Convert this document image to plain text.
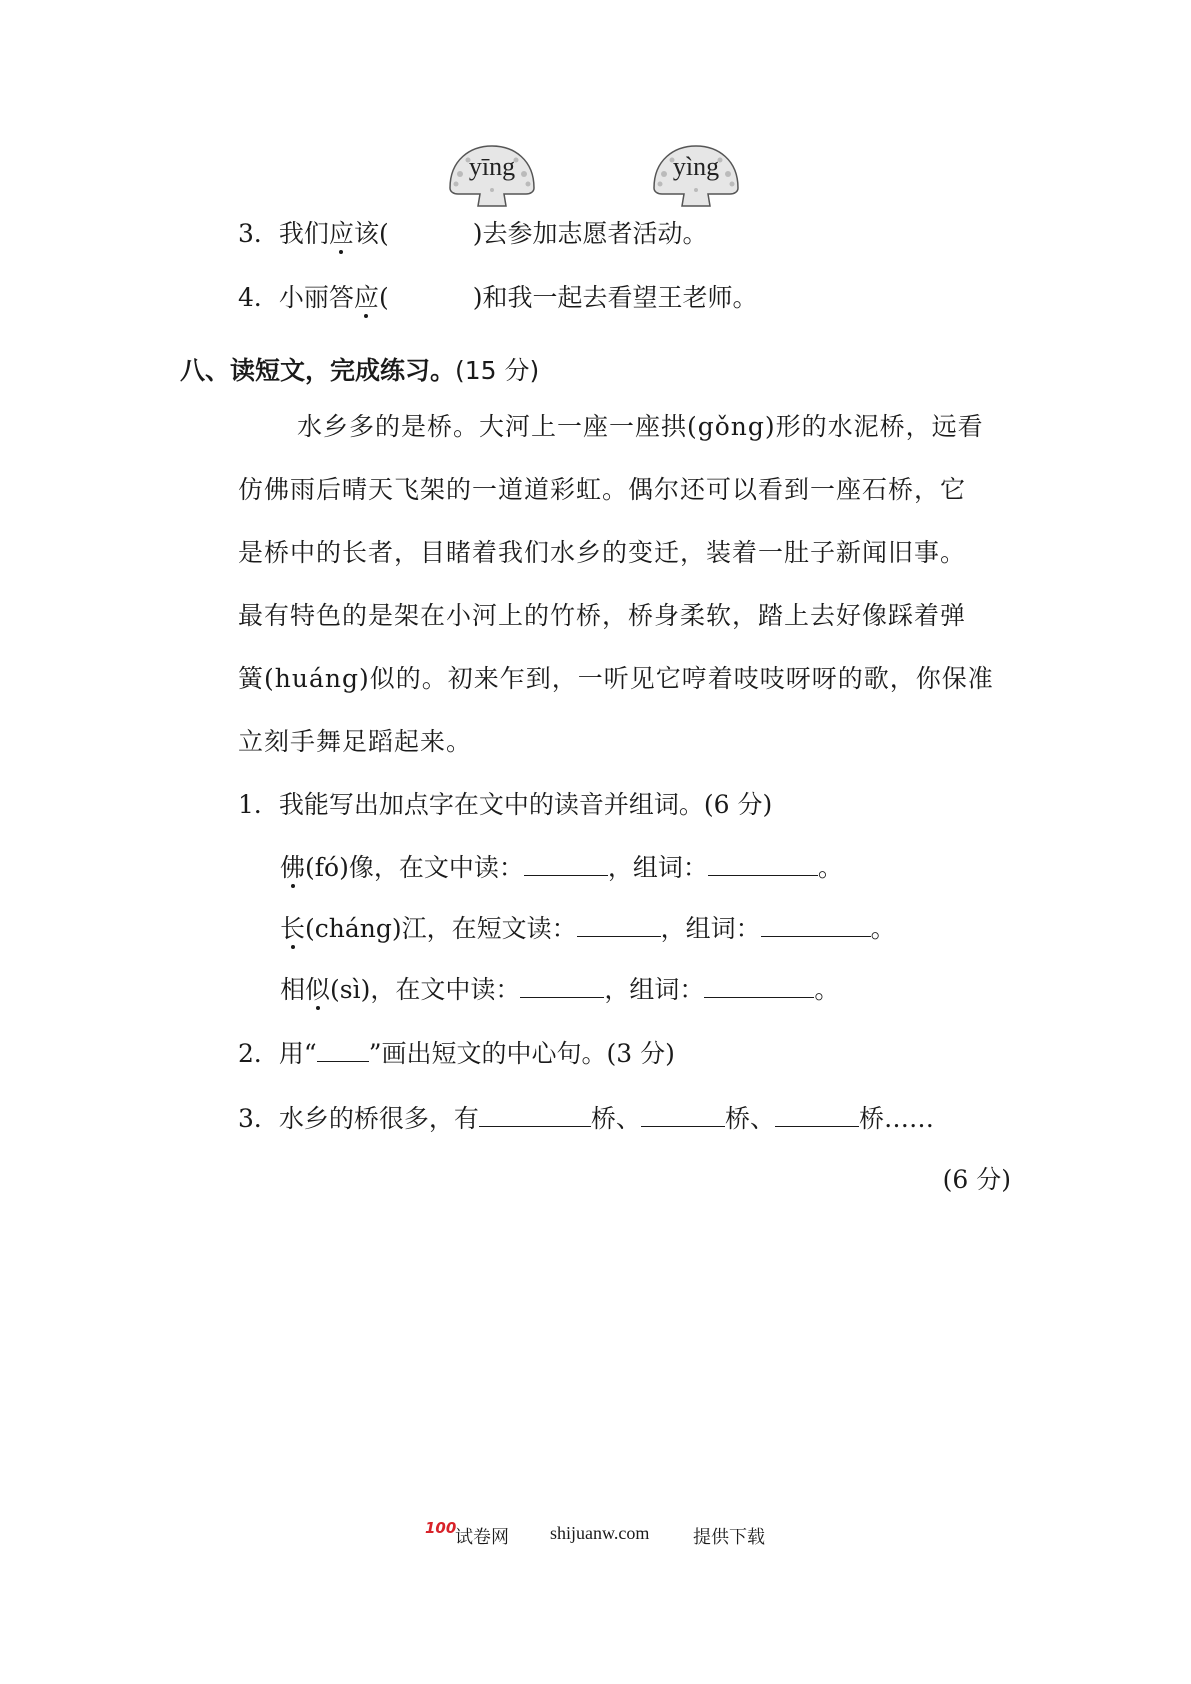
yīng	yìng
3．我们应该(	)去参加志愿者活动。
4．小丽答应(	)和我一起去看望王老师。
八、读短文，完成练习。(15 分)
水乡多的是桥。大河上一座一座拱(gǒng)形的水泥桥，远看
仿佛雨后晴天飞架的一道道彩虹。偶尔还可以看到一座石桥，它
是桥中的长者，目睹着我们水乡的变迁，装着一肚子新闻旧事。
最有特色的是架在小河上的竹桥，桥身柔软，踏上去好像踩着弹
簧(huáng)似的。初来乍到，一听见它哼着吱吱呀呀的歌，你保准
立刻手舞足蹈起来。
1．我能写出加点字在文中的读音并组词。(6 分)
佛(fó)像，在文中读：	，组词：	。
长(cháng)江，在短文读：	，组词：	。
相似(sì)，在文中读：	，组词：	。
2．用“ ”画出短文的中心句。(3 分)
3．水乡的桥很多，有	桥、	桥、	桥……
(6 分)
100
试卷网 shijuanw.com 提供下载
